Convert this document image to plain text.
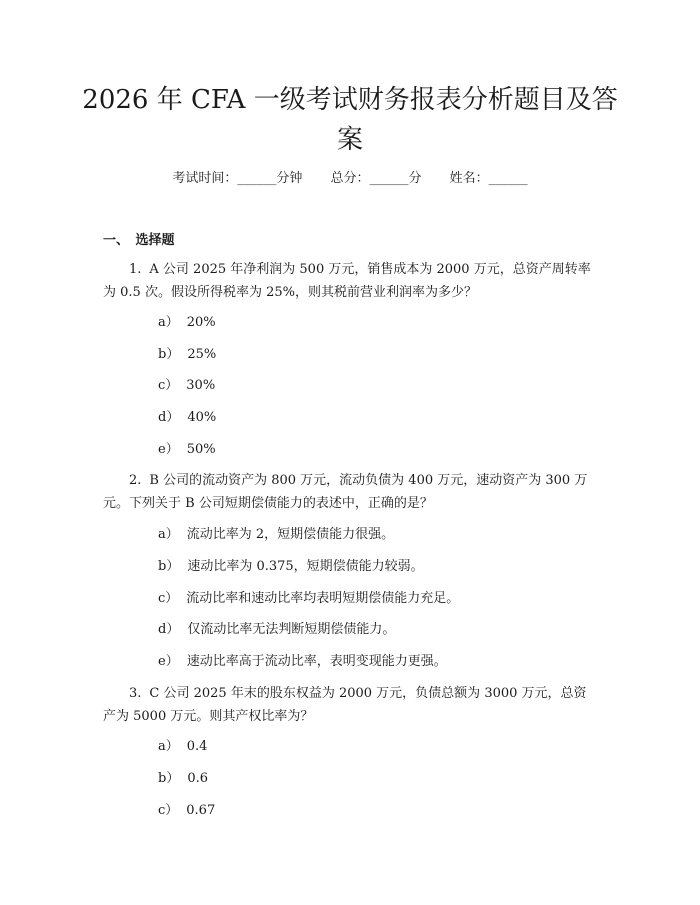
2026 年 CFA 一级考试财务报表分析题目及答案
考试时间：______分钟 总分：______分 姓名：______
一、　选择题

1. A 公司 2025 年净利润为 500 万元，销售成本为 2000 万元，总资产周转率为 0.5 次。假设所得税率为 25%，则其税前营业利润率为多少？

a） 20%

b） 25%

c） 30%

d） 40%

e） 50%

2. B 公司的流动资产为 800 万元，流动负债为 400 万元，速动资产为 300 万元。下列关于 B 公司短期偿债能力的表述中，正确的是？

a） 流动比率为 2，短期偿债能力很强。

b） 速动比率为 0.375，短期偿债能力较弱。

c） 流动比率和速动比率均表明短期偿债能力充足。

d） 仅流动比率无法判断短期偿债能力。

e） 速动比率高于流动比率，表明变现能力更强。

3. C 公司 2025 年末的股东权益为 2000 万元，负债总额为 3000 万元，总资产为 5000 万元。则其产权比率为？

a） 0.4

b） 0.6

c） 0.67
